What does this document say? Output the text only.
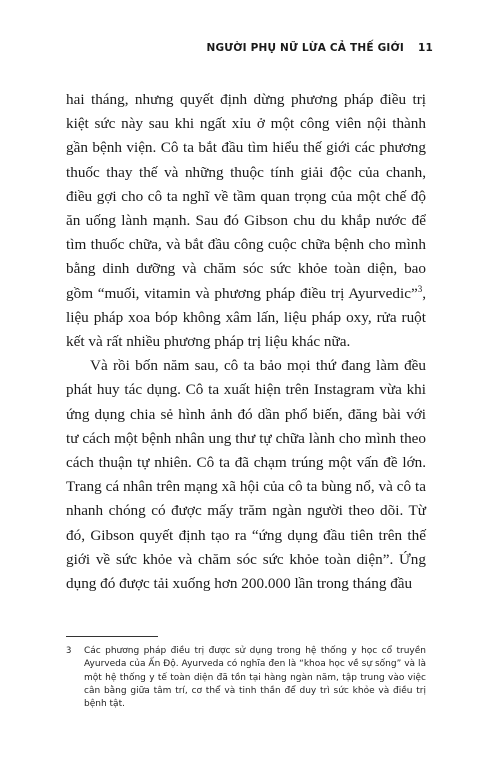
NGƯỜI PHỤ NỮ LỪA CẢ THẾ GIỚI 11

hai tháng, nhưng quyết định dừng phương pháp điều trị kiệt sức này sau khi ngất xỉu ở một công viên nội thành gần bệnh viện. Cô ta bắt đầu tìm hiểu thế giới các phương thuốc thay thế và những thuộc tính giải độc của chanh, điều gợi cho cô ta nghĩ về tầm quan trọng của một chế độ ăn uống lành mạnh. Sau đó Gibson chu du khắp nước để tìm thuốc chữa, và bắt đầu công cuộc chữa bệnh cho mình bằng dinh dưỡng và chăm sóc sức khỏe toàn diện, bao gồm “muối, vitamin và phương pháp điều trị Ayurvedic”$^3$, liệu pháp xoa bóp không xâm lấn, liệu pháp oxy, rửa ruột kết và rất nhiều phương pháp trị liệu khác nữa.

Và rồi bốn năm sau, cô ta bảo mọi thứ đang làm đều phát huy tác dụng. Cô ta xuất hiện trên Instagram vừa khi ứng dụng chia sẻ hình ảnh đó dần phổ biến, đăng bài với tư cách một bệnh nhân ung thư tự chữa lành cho mình theo cách thuận tự nhiên. Cô ta đã chạm trúng một vấn đề lớn. Trang cá nhân trên mạng xã hội của cô ta bùng nổ, và cô ta nhanh chóng có được mấy trăm ngàn người theo dõi. Từ đó, Gibson quyết định tạo ra “ứng dụng đầu tiên trên thế giới về sức khỏe và chăm sóc sức khỏe toàn diện”. Ứng dụng đó được tải xuống hơn 200.000 lần trong tháng đầu

3	Các phương pháp điều trị được sử dụng trong hệ thống y học cổ truyền Ayurveda của Ấn Độ. Ayurveda có nghĩa đen là “khoa học về sự sống” và là một hệ thống y tế toàn diện đã tồn tại hàng ngàn năm, tập trung vào việc cân bằng giữa tâm trí, cơ thể và tinh thần để duy trì sức khỏe và điều trị bệnh tật.
